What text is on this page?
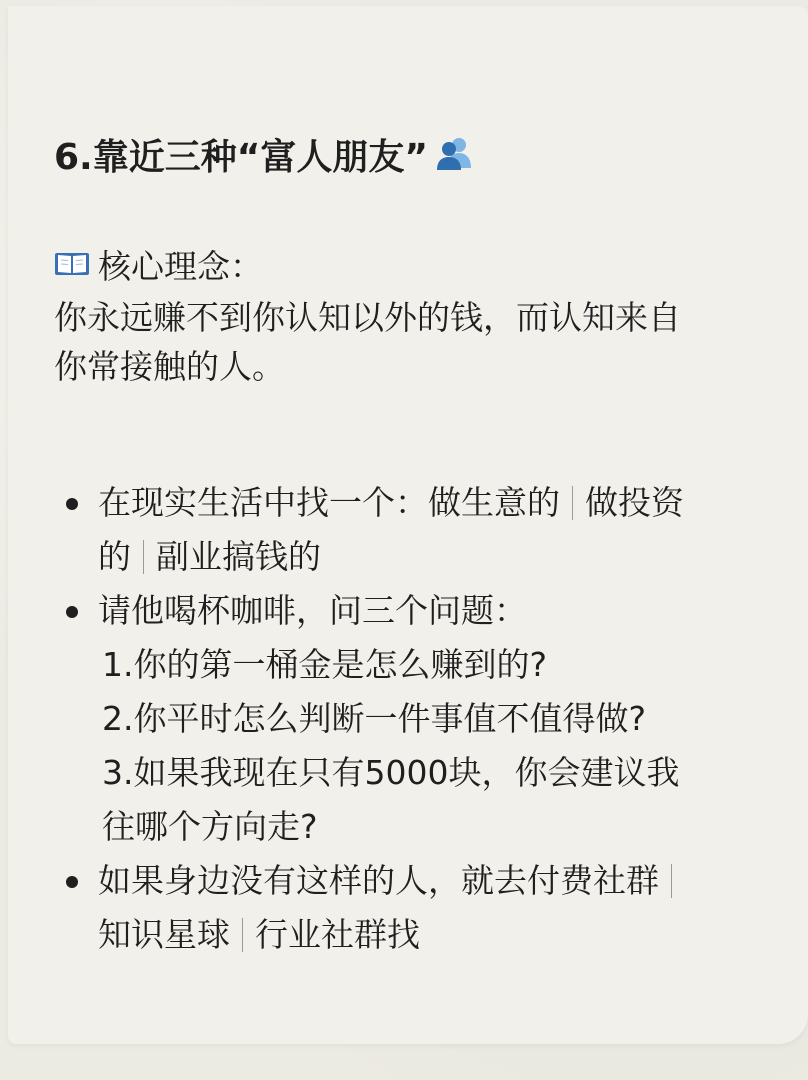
6.靠近三种“富人朋友”
核心理念：
你永远赚不到你认知以外的钱，而认知来自
你常接触的人。
在现实生活中找一个：做生意的 做投资
的 副业搞钱的
请他喝杯咖啡，问三个问题：
1.你的第一桶金是怎么赚到的?
2.你平时怎么判断一件事值不值得做?
3.如果我现在只有5000块，你会建议我
往哪个方向走?
如果身边没有这样的人，就去付费社群
知识星球 行业社群找
